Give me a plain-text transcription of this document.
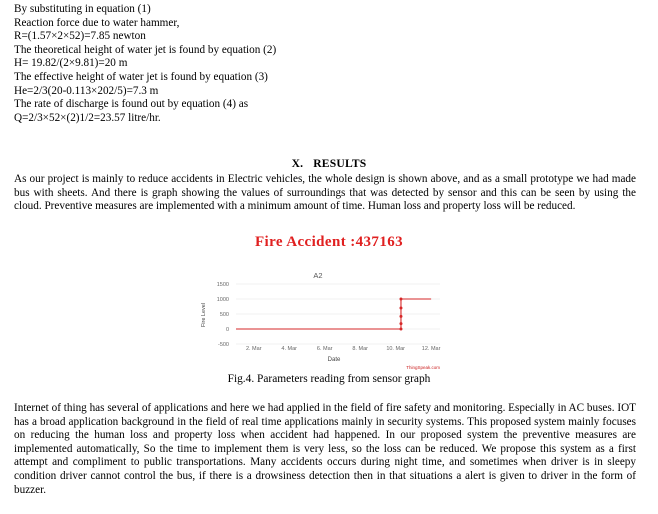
By substituting in equation (1)
Reaction force due to water hammer,
R=(1.57×2×52)=7.85 newton
The theoretical height of water jet is found by equation (2)
H= 19.82/(2×9.81)=20 m
The effective height of water jet is found by equation (3)
He=2/3(20-0.113×202/5)=7.3 m
The rate of discharge is found out by equation (4) as
Q=2/3×52×(2)1/2=23.57 litre/hr.
X. RESULTS
As our project is mainly to reduce accidents in Electric vehicles, the whole design is shown above, and as a small prototype we had made bus with sheets. And there is graph showing the values of surroundings that was detected by sensor and this can be seen by using the cloud. Preventive measures are implemented with a minimum amount of time. Human loss and property loss will be reduced.
Fire Accident :437163
A2
1500
1000
500
0
-500
2. Mar	4. Mar	6. Mar	8. Mar	10. Mar	12. Mar
Fire Level
Date
ThingSpeak.com
Fig.4. Parameters reading from sensor graph
Internet of thing has several of applications and here we had applied in the field of fire safety and monitoring. Especially in AC buses. IOT has a broad application background in the field of real time applications mainly in security systems. This proposed system mainly focuses on reducing the human loss and property loss when accident had happened. In our proposed system the preventive measures are implemented automatically, So the time to implement them is very less, so the loss can be reduced. We propose this system as a first attempt and compliment to public transportations. Many accidents occurs during night time, and sometimes when driver is in sleepy condition driver cannot control the bus, if there is a drowsiness detection then in that situations a alert is given to driver in the form of buzzer.
